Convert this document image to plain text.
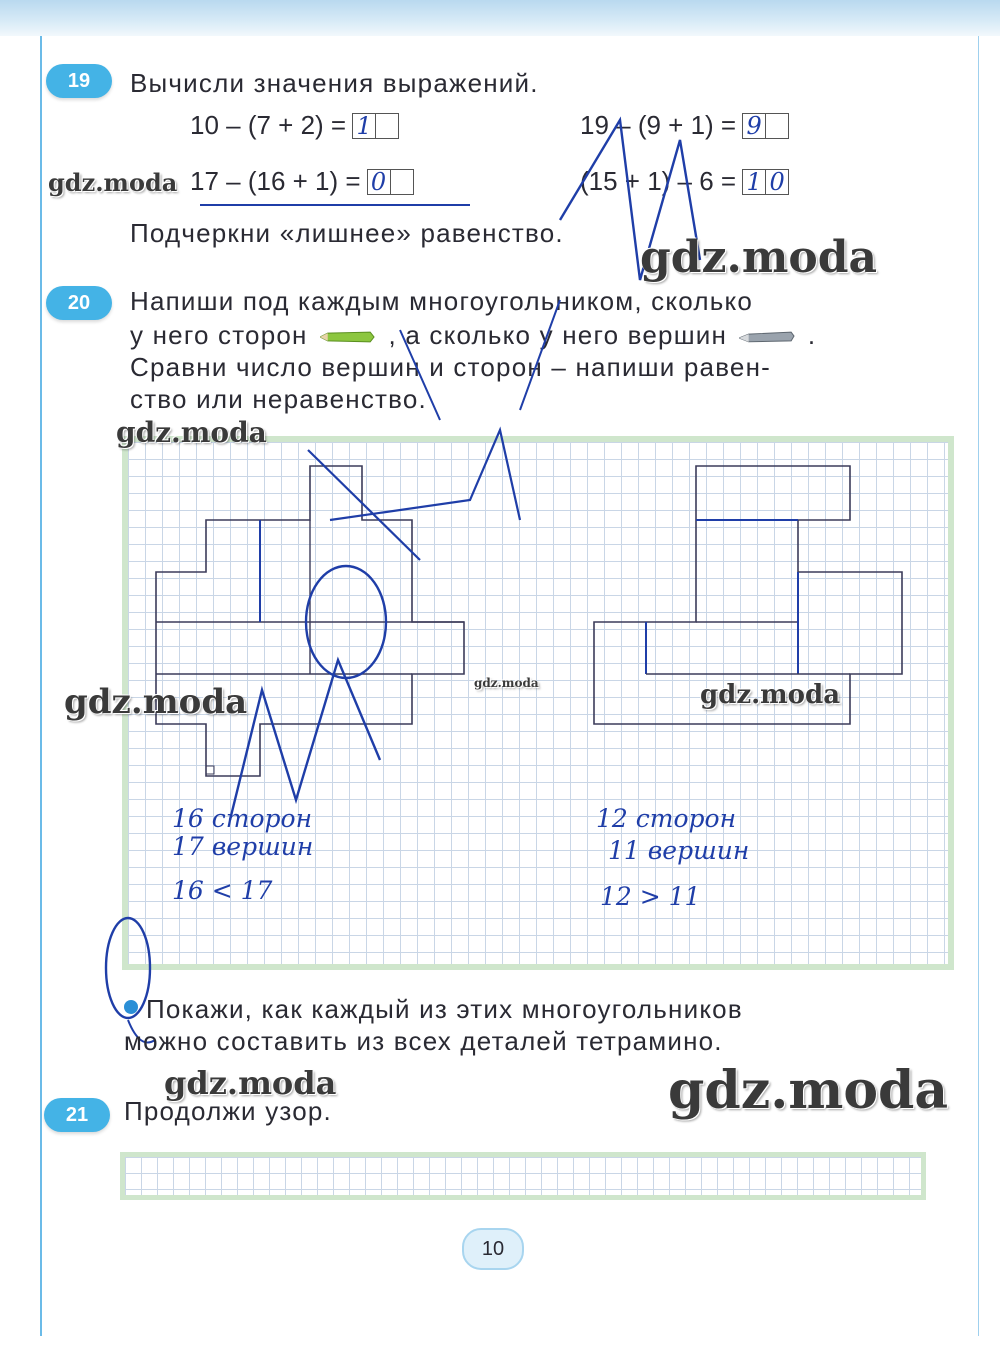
19	Вычисли значения выражений.
10 – (7 + 2) = 1	19 – (9 + 1) = 9
17 – (16 + 1) = 0	(15 + 1) – 6 = 1 0
Подчеркни «лишнее» равенство.
20	Напиши под каждым многоугольником, сколько
у него сторон	, а сколько у него вершин	.
Сравни число вершин и сторон – напиши равен-
ство или неравенство.
16 сторон
17 вершин
16 < 17
12 сторон
11 вершин
12 > 11
Покажи, как каждый из этих многоугольников
можно составить из всех деталей тетрамино.
21	Продолжи узор.
10
gdz.moda
gdz.moda
gdz.moda
gdz.moda	gdz.moda	gdz.moda
gdz.moda	gdz.moda
